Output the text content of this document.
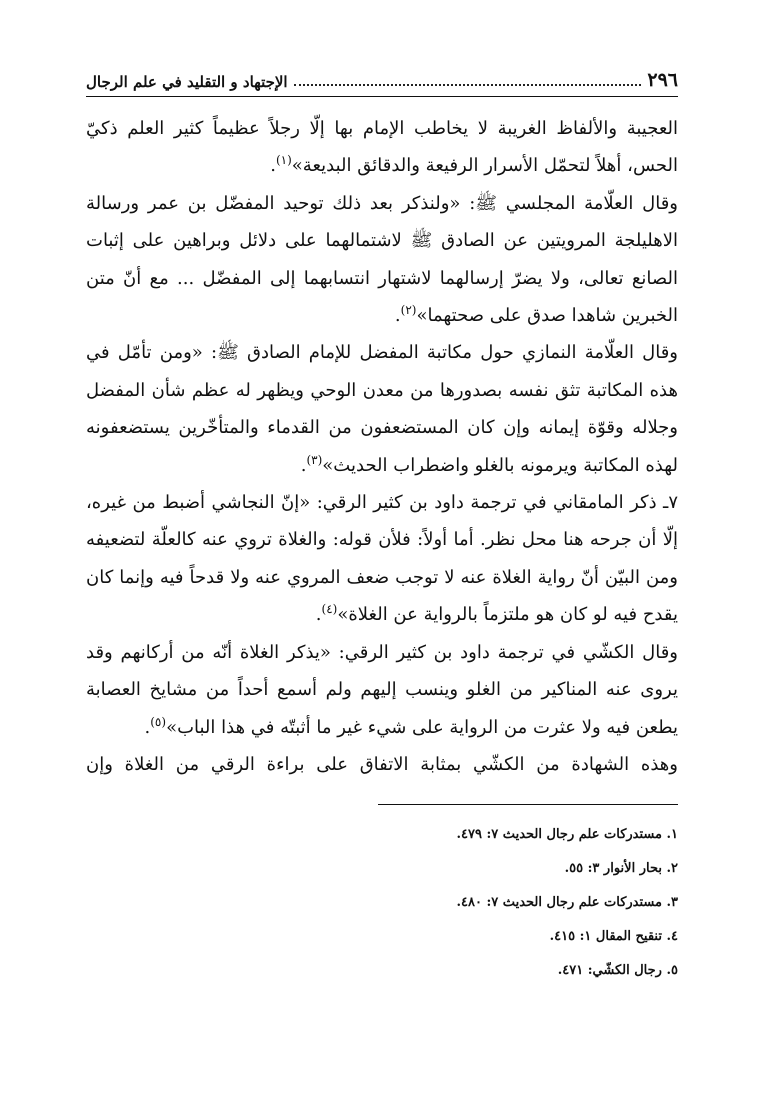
٢٩٦
الإجتهاد و التقليد في علم الرجال

العجيبة والألفاظ الغريبة لا يخاطب الإمام بها إلّا رجلاً عظيماً كثير العلم ذكيّ الحس، أهلاً لتحمّل الأسرار الرفيعة والدقائق البديعة»$^{(١)}$.

وقال العلّامة المجلسي ﷺ: «ولنذكر بعد ذلك توحيد المفضّل بن عمر ورسالة الاهليلجة المرويتين عن الصادق ﷺ لاشتمالهما على دلائل وبراهين على إثبات الصانع تعالى، ولا يضرّ إرسالهما لاشتهار انتسابهما إلى المفضّل ... مع أنّ متن الخبرين شاهدا صدق على صحتهما»$^{(٢)}$.

وقال العلّامة النمازي حول مكاتبة المفضل للإمام الصادق ﷺ: «ومن تأمّل في هذه المكاتبة تثق نفسه بصدورها من معدن الوحي ويظهر له عظم شأن المفضل وجلاله وقوّة إيمانه وإن كان المستضعفون من القدماء والمتأخّرين يستضعفونه لهذه المكاتبة ويرمونه بالغلو واضطراب الحديث»$^{(٣)}$.

٧ـ ذكر المامقاني في ترجمة داود بن كثير الرقي: «إنّ النجاشي أضبط من غيره، إلّا أن جرحه هنا محل نظر. أما أولاً: فلأن قوله: والغلاة تروي عنه كالعلّة لتضعيفه ومن البيّن أنّ رواية الغلاة عنه لا توجب ضعف المروي عنه ولا قدحاً فيه وإنما كان يقدح فيه لو كان هو ملتزماً بالرواية عن الغلاة»$^{(٤)}$.

وقال الكشّي في ترجمة داود بن كثير الرقي: «يذكر الغلاة أنّه من أركانهم وقد يروى عنه المناكير من الغلو وينسب إليهم ولم أسمع أحداً من مشايخ العصابة يطعن فيه ولا عثرت من الرواية على شيء غير ما أثبتّه في هذا الباب»$^{(٥)}$.

وهذه الشهادة من الكشّي بمثابة الاتفاق على براءة الرقي من الغلاة وإن

١. مستدركات علم رجال الحديث ٧: ٤٧٩.
٢. بحار الأنوار ٣: ٥٥.
٣. مستدركات علم رجال الحديث ٧: ٤٨٠.
٤. تنقيح المقال ١: ٤١٥.
٥. رجال الكشّي: ٤٧١.
